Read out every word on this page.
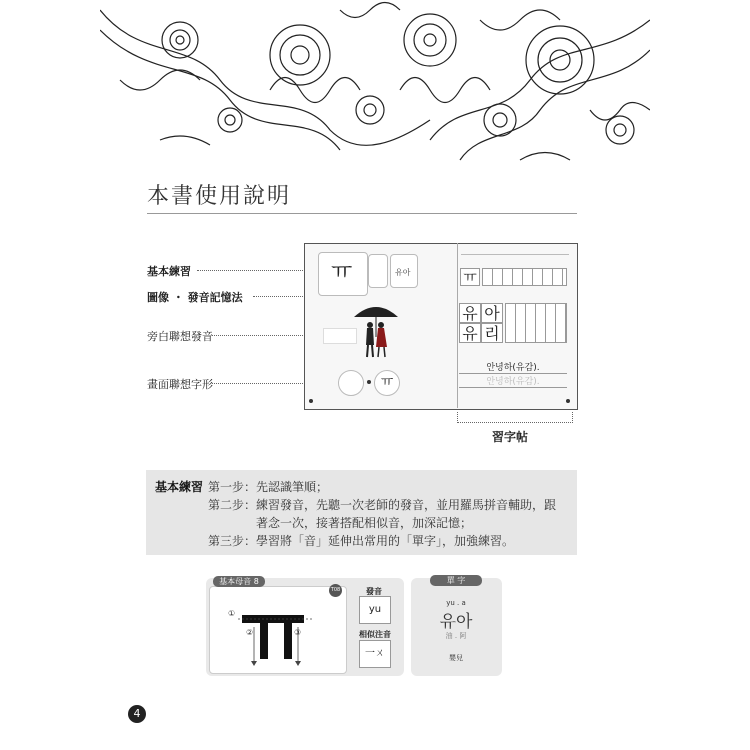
本書使用說明
基本練習
圖像 ・ 發音記憶法
旁白聯想發音
畫面聯想字形
ㅠ	유아
ㅠ
ㅠ
유 아
유 리
안녕하(유감).
안녕하(유감).
習字帖
基本練習 第一步：先認識筆順；
第二步：練習發音，先聽一次老師的發音，並用羅馬拼音輔助，跟
著念一次，接著搭配相似音，加深記憶；
第三步：學習將「音」延伸出常用的「單字」，加強練習。
基本母音 8
T08
①
②	③
發音
yu
相似注音
一ㄨ
單 字
yu . a
유아
油 . 阿
嬰兒
4
